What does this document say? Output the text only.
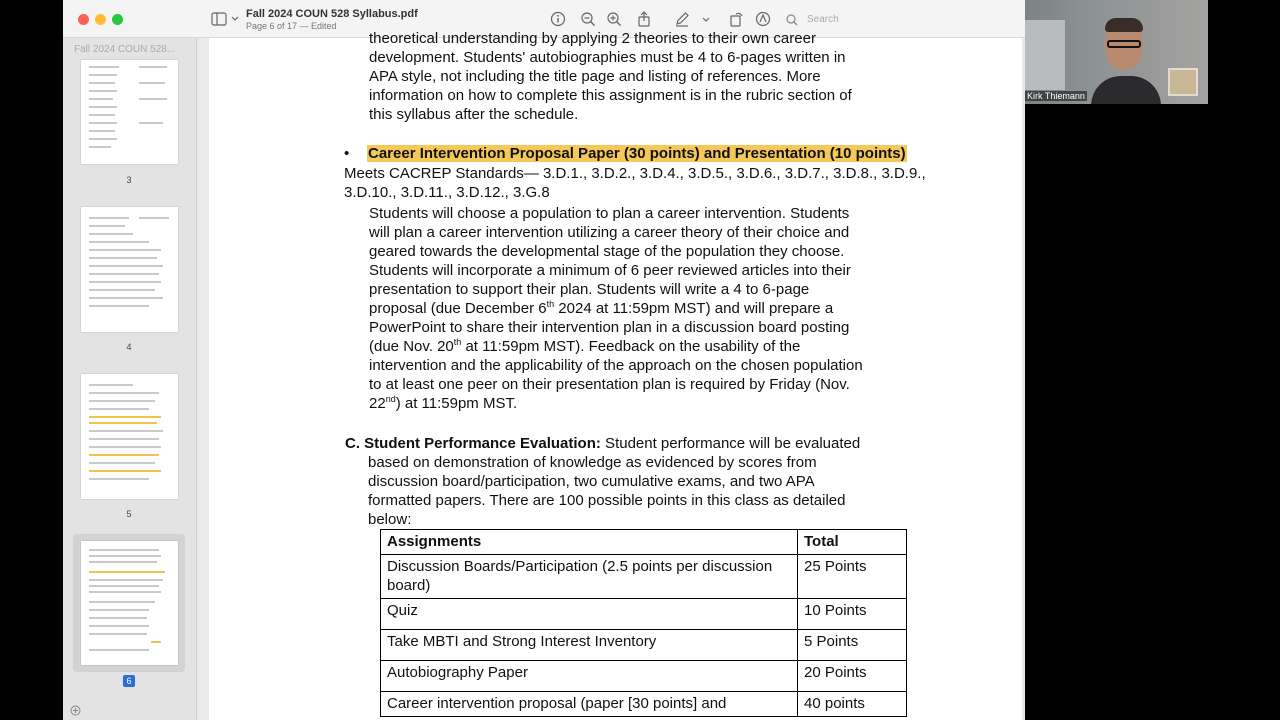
Fall 2024 COUN 528 Syllabus.pdf
Page 6 of 17 — Edited
Search
Fall 2024 COUN 528...
3
4
5
6
theoretical understanding by applying 2 theories to their own career
development. Students' autobiographies must be 4 to 6-pages written in
APA style, not including the title page and listing of references. More
information on how to complete this assignment is in the rubric section of
this syllabus after the schedule.
• Career Intervention Proposal Paper (30 points) and Presentation (10 points)
Meets CACREP Standards— 3.D.1., 3.D.2., 3.D.4., 3.D.5., 3.D.6., 3.D.7., 3.D.8., 3.D.9.,
3.D.10., 3.D.11., 3.D.12., 3.G.8
Students will choose a population to plan a career intervention. Students
will plan a career intervention utilizing a career theory of their choice and
geared towards the developmental stage of the population they choose.
Students will incorporate a minimum of 6 peer reviewed articles into their
presentation to support their plan. Students will write a 4 to 6-page
proposal (due December 6th 2024 at 11:59pm MST) and will prepare a
PowerPoint to share their intervention plan in a discussion board posting
(due Nov. 20th at 11:59pm MST). Feedback on the usability of the
intervention and the applicability of the approach on the chosen population
to at least one peer on their presentation plan is required by Friday (Nov.
22nd) at 11:59pm MST.
C. Student Performance Evaluation: Student performance will be evaluated
based on demonstration of knowledge as evidenced by scores from
discussion board/participation, two cumulative exams, and two APA
formatted papers. There are 100 possible points in this class as detailed
below:
Assignments	Total
Discussion Boards/Participation (2.5 points per discussion board)	25 Points
Quiz	10 Points
Take MBTI and Strong Interest Inventory	5 Points
Autobiography Paper	20 Points
Career intervention proposal (paper [30 points] and	40 points
Kirk Thiemann
